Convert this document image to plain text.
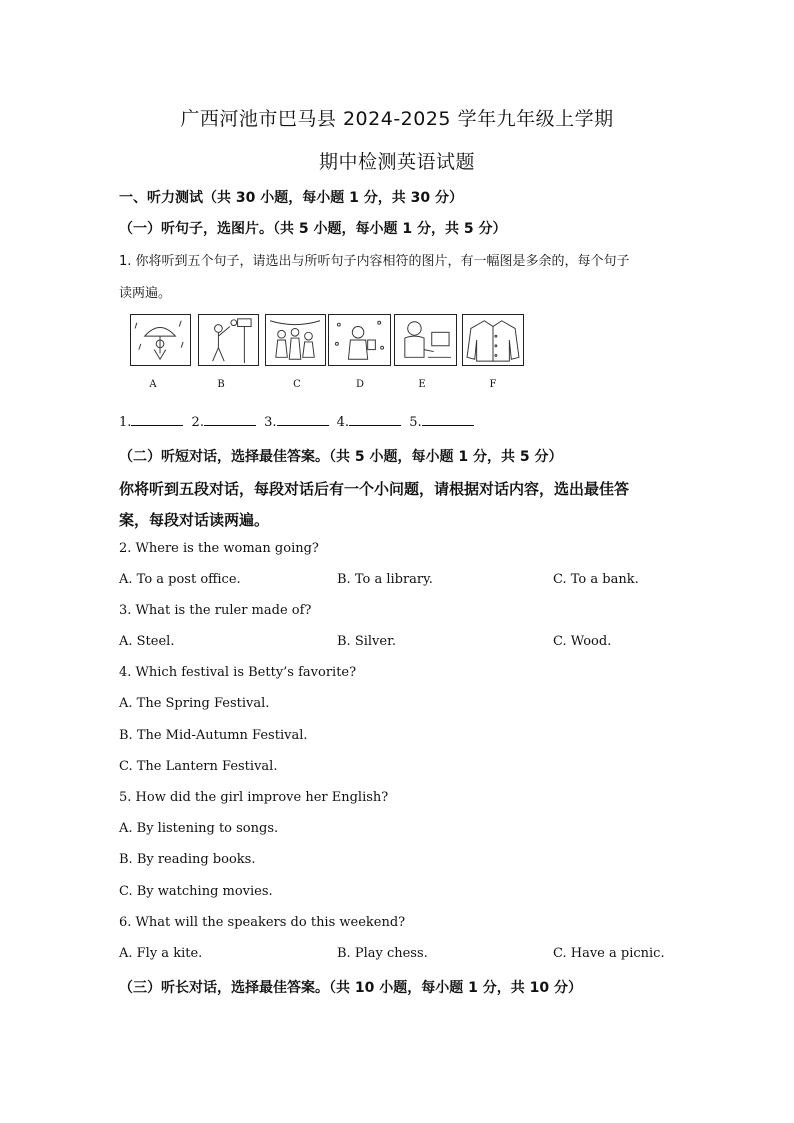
广西河池市巴马县 2024-2025 学年九年级上学期
期中检测英语试题
一、听力测试（共 30 小题，每小题 1 分，共 30 分）
（一）听句子，选图片。（共 5 小题，每小题 1 分，共 5 分）
1. 你将听到五个句子，请选出与所听句子内容相符的图片，有一幅图是多余的，每个句子
读两遍。
A	B	C	D	E	F
1.	2.	3.	4.	5.
（二）听短对话，选择最佳答案。（共 5 小题，每小题 1 分，共 5 分）
你将听到五段对话，每段对话后有一个小问题，请根据对话内容，选出最佳答
案，每段对话读两遍。
2. Where is the woman going?
A. To a post office.	B. To a library.	C. To a bank.
3. What is the ruler made of?
A. Steel.	B. Silver.	C. Wood.
4. Which festival is Betty’s favorite?
A. The Spring Festival.
B. The Mid-Autumn Festival.
C. The Lantern Festival.
5. How did the girl improve her English?
A. By listening to songs.
B. By reading books.
C. By watching movies.
6. What will the speakers do this weekend?
A. Fly a kite.	B. Play chess.	C. Have a picnic.
（三）听长对话，选择最佳答案。（共 10 小题，每小题 1 分，共 10 分）
